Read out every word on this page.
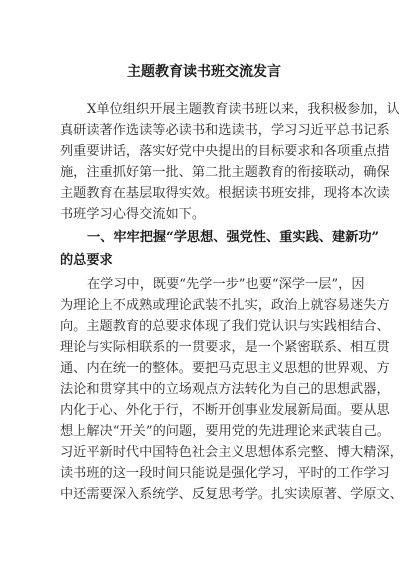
主题教育读书班交流发言
X单位组织开展主题教育读书班以来，我积极参加，认
真研读著作选读等必读书和选读书，学习习近平总书记系
列重要讲话，落实好党中央提出的目标要求和各项重点措
施，注重抓好第一批、第二批主题教育的衔接联动，确保
主题教育在基层取得实效。根据读书班安排，现将本次读
书班学习心得交流如下。
一、牢牢把握“学思想、强党性、重实践、建新功”
的总要求
在学习中，既要“先学一步”也要“深学一层”，因
为理论上不成熟或理论武装不扎实，政治上就容易迷失方
向。主题教育的总要求体现了我们党认识与实践相结合、
理论与实际相联系的一贯要求，是一个紧密联系、相互贯
通、内在统一的整体。要把马克思主义思想的世界观、方
法论和贯穿其中的立场观点方法转化为自己的思想武器，
内化于心、外化于行，不断开创事业发展新局面。要从思
想上解决“开关”的问题，要用党的先进理论来武装自己。
习近平新时代中国特色社会主义思想体系完整、博大精深，
读书班的这一段时间只能说是强化学习，平时的工作学习
中还需要深入系统学、反复思考学。扎实读原著、学原文、
